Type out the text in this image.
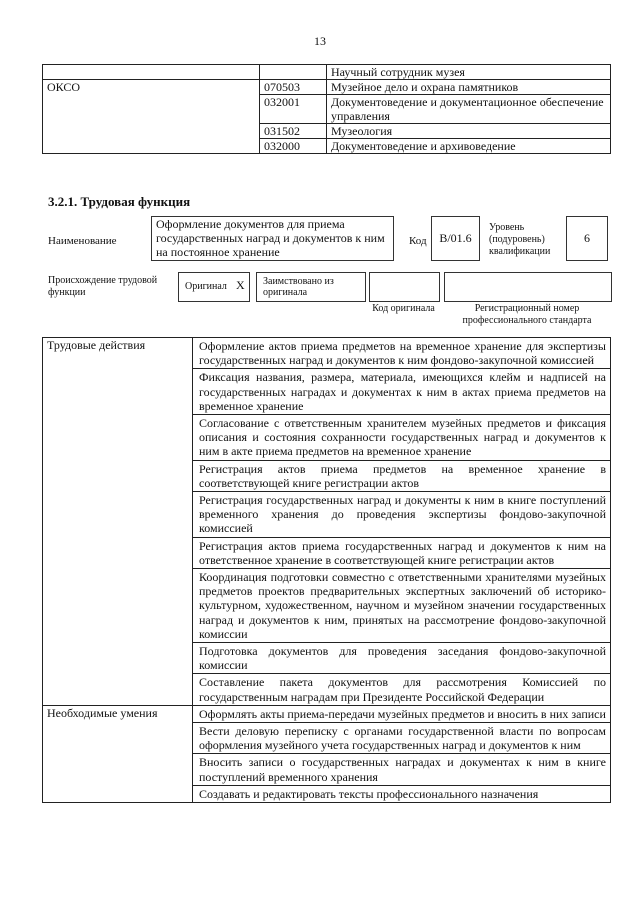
13
		Научный сотрудник музея
ОКСО	070503	Музейное дело и охрана памятников
	032001	Документоведение и документационное обеспечение управления
	031502	Музеология
	032000	Документоведение и архивоведение
3.2.1. Трудовая функция
Наименование
Оформление документов для приема государственных наград и документов к ним на постоянное хранение
Код	B/01.6
Уровень (подуровень) квалификации
6
Происхождение трудовой функции
Оригинал X Заимствовано из оригинала
Код оригинала	Регистрационный номер профессионального стандарта
Трудовые действия	Оформление актов приема предметов на временное хранение для экспертизы государственных наград и документов к ним фондово-закупочной комиссией
	Фиксация названия, размера, материала, имеющихся клейм и надписей на государственных наградах и документах к ним в актах приема предметов на временное хранение
	Согласование с ответственным хранителем музейных предметов и фиксация описания и состояния сохранности государственных наград и документов к ним в акте приема предметов на временное хранение
	Регистрация актов приема предметов на временное хранение в соответствующей книге регистрации актов
	Регистрация государственных наград и документы к ним в книге поступлений временного хранения до проведения экспертизы фондово-закупочной комиссией
	Регистрация актов приема государственных наград и документов к ним на ответственное хранение в соответствующей книге регистрации актов
	Координация подготовки совместно с ответственными хранителями музейных предметов проектов предварительных экспертных заключений об историко-культурном, художественном, научном и музейном значении государственных наград и документов к ним, принятых на рассмотрение фондово-закупочной комиссии
	Подготовка документов для проведения заседания фондово-закупочной комиссии
	Составление пакета документов для рассмотрения Комиссией по государственным наградам при Президенте Российской Федерации
Необходимые умения	Оформлять акты приема-передачи музейных предметов и вносить в них записи
	Вести деловую переписку с органами государственной власти по вопросам оформления музейного учета государственных наград и документов к ним
	Вносить записи о государственных наградах и документах к ним в книге поступлений временного хранения
	Создавать и редактировать тексты профессионального назначения
